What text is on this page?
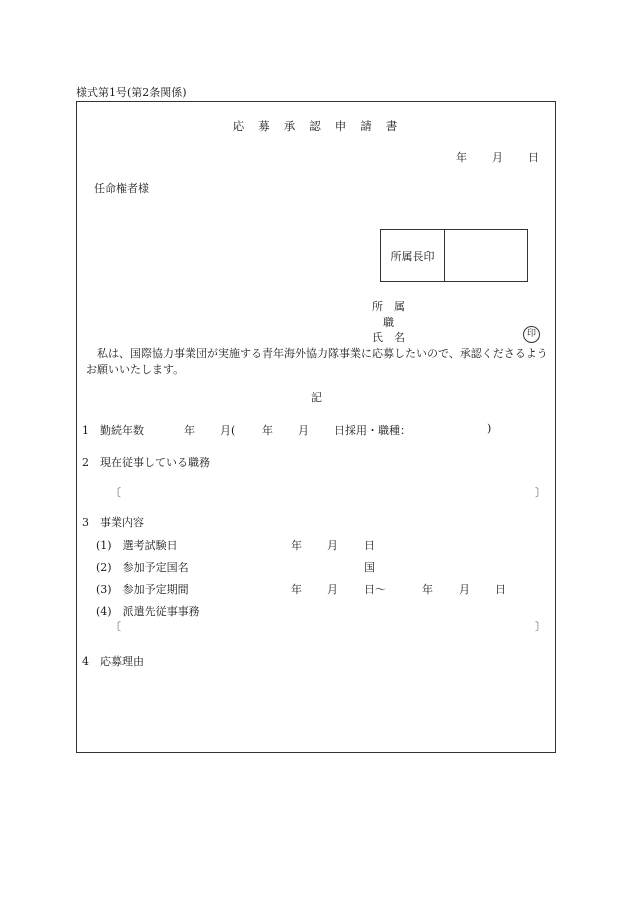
様式第1号(第2条関係)
応 募 承 認 申 請 書
年 月 日
任命権者様
所属長印
所　属
職
氏　名	印
私は、国際協力事業団が実施する青年海外協力隊事業に応募したいので、承認くださるようお願いいたします。
記
1　勤続年数	年 月( 年 月 日採用・職種：	)
2　現在従事している職務
〔	〕
3　事業内容
(1)　選考試験日	年 月 日
(2)　参加予定国名	国
(3)　参加予定期間	年 月 日～	年 月 日
(4)　派遣先従事事務
〔	〕
4　応募理由
